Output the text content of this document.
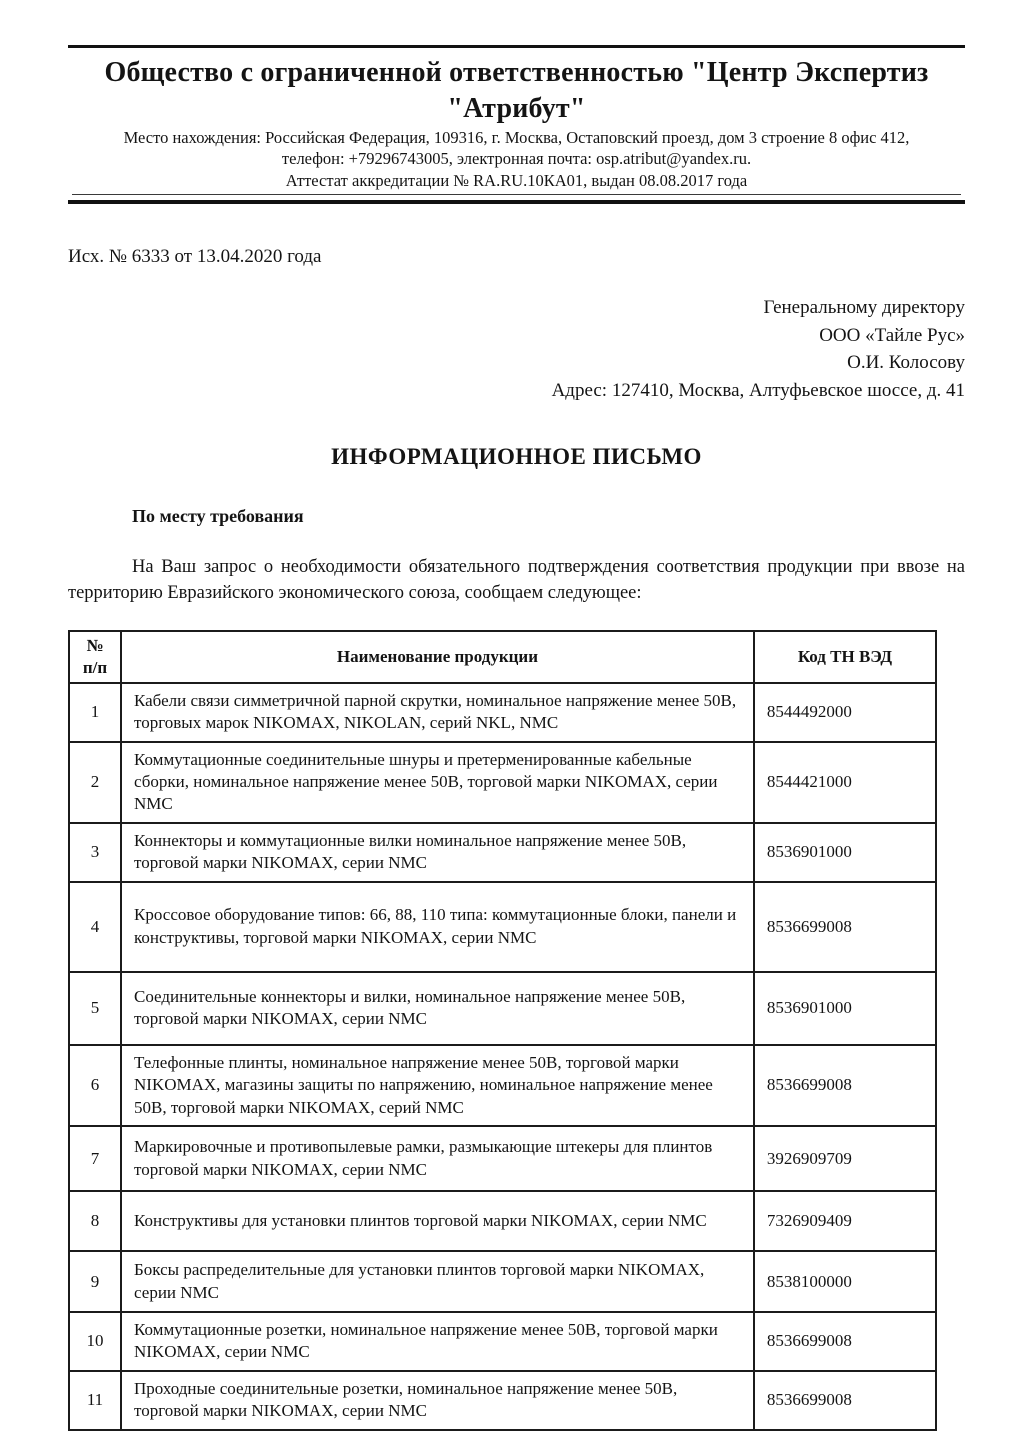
Общество с ограниченной ответственностью "Центр Экспертиз
"Атрибут"

Место нахождения: Российская Федерация, 109316, г. Москва, Остаповский проезд, дом 3 строение 8 офис 412,

телефон: +79296743005, электронная почта: osp.atribut@yandex.ru.

Аттестат аккредитации № RA.RU.10КА01, выдан 08.08.2017 года

Исх. № 6333 от 13.04.2020 года
Генеральному директору
ООО «Тайле Рус»
О.И. Колосову
Адрес: 127410, Москва, Алтуфьевское шоссе, д. 41
ИНФОРМАЦИОННОЕ ПИСЬМО
По месту требования

На Ваш запрос о необходимости обязательного подтверждения соответствия продукции при ввозе на территорию Евразийского экономического союза, сообщаем следующее:

№
п/п	Наименование продукции	Код ТН ВЭД
1	Кабели связи симметричной парной скрутки, номинальное напряжение менее 50В, торговых марок NIKOMAX, NIKOLAN, серий NKL, NMC	8544492000
2	Коммутационные соединительные шнуры и претерменированные кабельные сборки, номинальное напряжение менее 50В, торговой марки NIKOMAX, серии NMC	8544421000
3	Коннекторы и коммутационные вилки номинальное напряжение менее 50В, торговой марки NIKOMAX, серии NMC	8536901000
4	Кроссовое оборудование типов: 66, 88, 110 типа: коммутационные блоки, панели и конструктивы, торговой марки NIKOMAX, серии NMC	8536699008
5	Соединительные коннекторы и вилки, номинальное напряжение менее 50В, торговой марки NIKOMAX, серии NMC	8536901000
6	Телефонные плинты, номинальное напряжение менее 50В, торговой марки NIKOMAX, магазины защиты по напряжению, номинальное напряжение менее 50В, торговой марки NIKOMAX, серий NMC	8536699008
7	Маркировочные и противопылевые рамки, размыкающие штекеры для плинтов торговой марки NIKOMAX, серии NMC	3926909709
8	Конструктивы для установки плинтов торговой марки NIKOMAX, серии NMC	7326909409
9	Боксы распределительные для установки плинтов торговой марки NIKOMAX, серии NMC	8538100000
10	Коммутационные розетки, номинальное напряжение менее 50В, торговой марки NIKOMAX, серии NMC	8536699008
11	Проходные соединительные розетки, номинальное напряжение менее 50В, торговой марки NIKOMAX, серии NMC	8536699008
